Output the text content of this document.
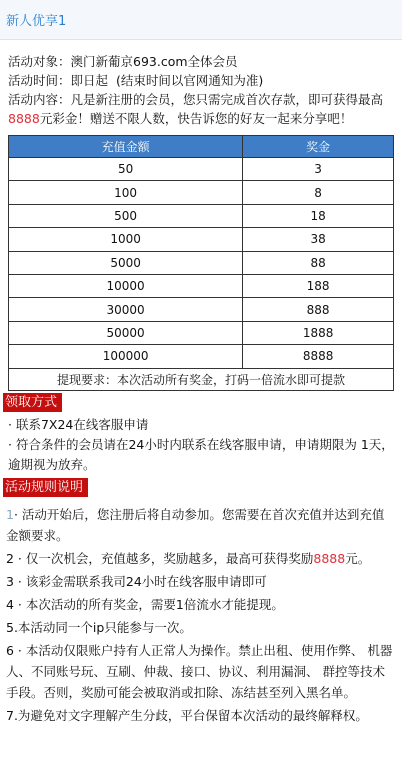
新人优享1
活动对象：澳门新葡京693.com全体会员
活动时间：即日起  (结束时间以官网通知为准)
活动内容：凡是新注册的会员，您只需完成首次存款，即可获得最高8888元彩金！赠送不限人数，快告诉您的好友一起来分享吧！
充值金额	奖金
50	3
100	8
500	18
1000	38
5000	88
10000	188
30000	888
50000	1888
100000	8888
提现要求：本次活动所有奖金，打码一倍流水即可提款	
领取方式

· 联系7X24在线客服申请

· 符合条件的会员请在24小时内联系在线客服申请，申请期限为 1天，逾期视为放弃。

活动规则说明

1· 活动开始后，您注册后将自动参加。您需要在首次充值并达到充值金额要求。

2 · 仅一次机会，充值越多，奖励越多，最高可获得奖励8888元。

3 · 该彩金需联系我司24小时在线客服申请即可

4 · 本次活动的所有奖金，需要1倍流水才能提现。

5.本活动同一个ip只能参与一次。

6 · 本活动仅限账户持有人正常人为操作。禁止出租、使用作弊、 机器人、不同账号玩、互刷、仲裁、接口、协议、利用漏洞、 群控等技术手段。否则，奖励可能会被取消或扣除、冻结甚至列入黑名单。

7.为避免对文字理解产生分歧，平台保留本次活动的最终解释权。
